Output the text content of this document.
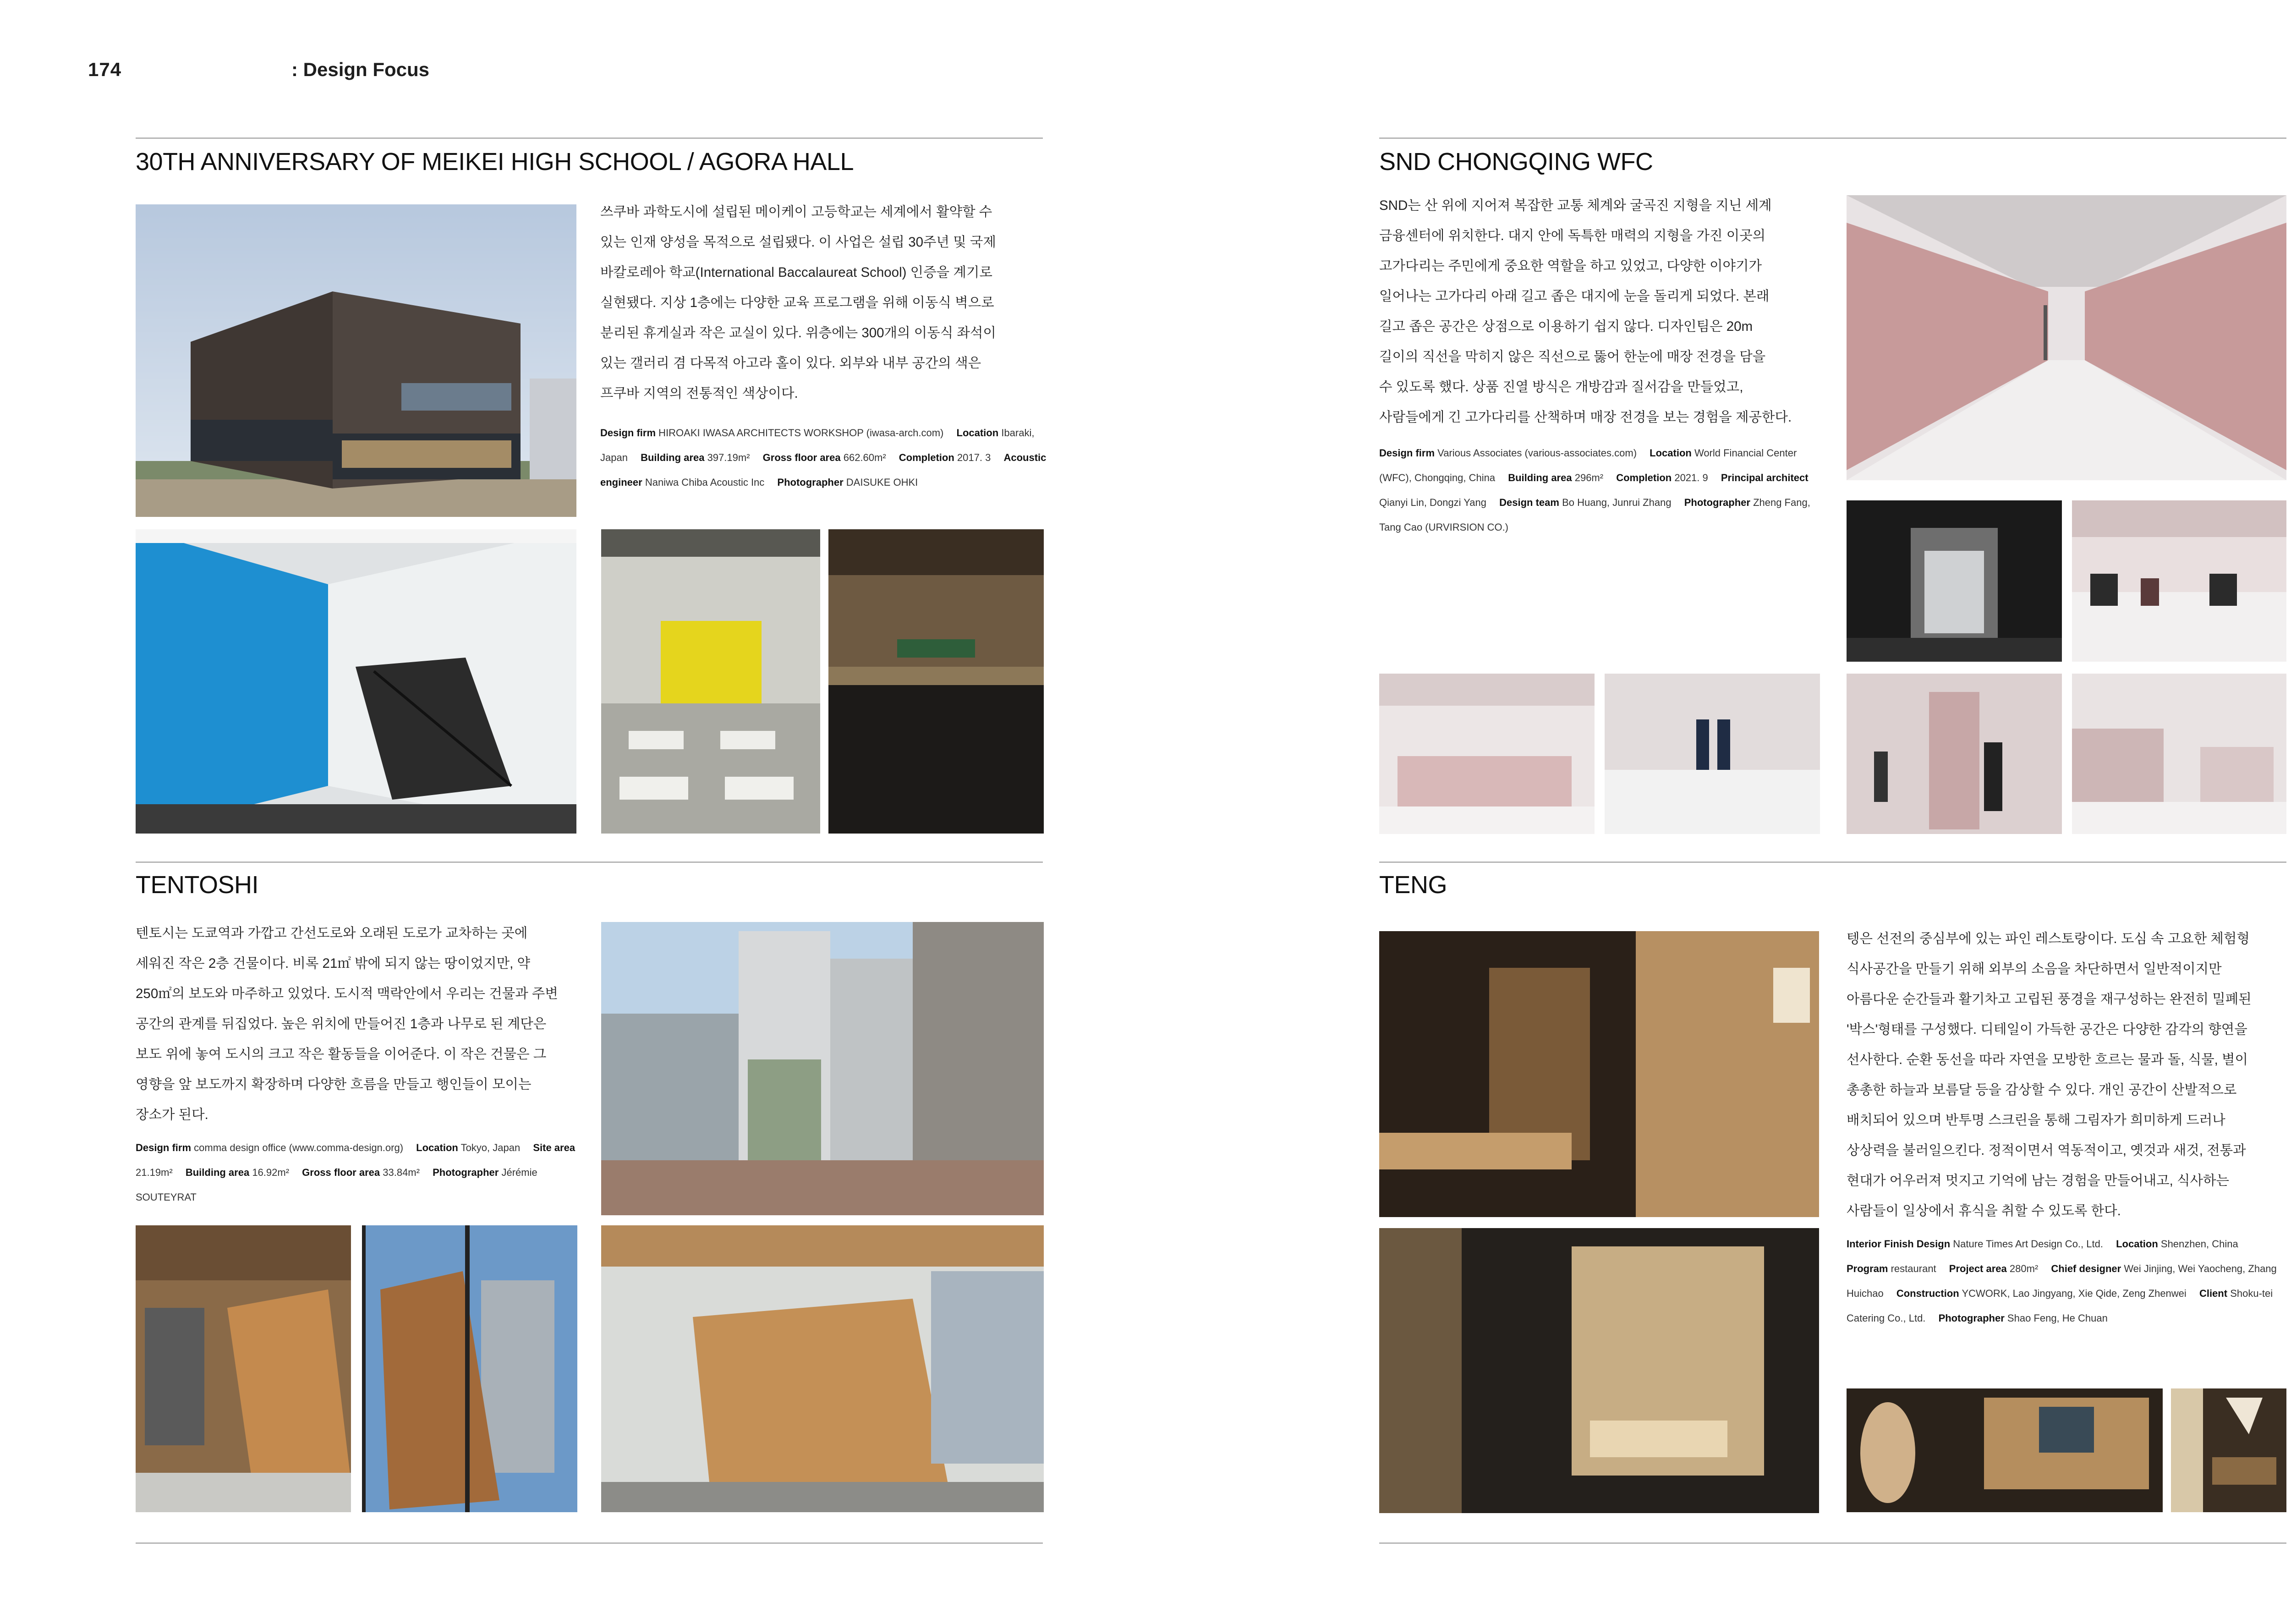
174	: Design Focus
30TH ANNIVERSARY OF MEIKEI HIGH SCHOOL / AGORA HALL
쓰쿠바 과학도시에 설립된 메이케이 고등학교는 세계에서 활약할 수
있는 인재 양성을 목적으로 설립됐다. 이 사업은 설립 30주년 및 국제
바칼로레아 학교(International Baccalaureat School) 인증을 계기로
실현됐다. 지상 1층에는 다양한 교육 프로그램을 위해 이동식 벽으로
분리된 휴게실과 작은 교실이 있다. 위층에는 300개의 이동식 좌석이
있는 갤러리 겸 다목적 아고라 홀이 있다. 외부와 내부 공간의 색은
프쿠바 지역의 전통적인 색상이다.
Design firm HIROAKI IWASA ARCHITECTS WORKSHOP (iwasa-arch.com) Location Ibaraki, Japan Building area 397.19m² Gross floor area 662.60m² Completion 2017. 3 Acoustic engineer Naniwa Chiba Acoustic Inc Photographer DAISUKE OHKI
SND CHONGQING WFC
SND는 산 위에 지어져 복잡한 교통 체계와 굴곡진 지형을 지닌 세계
금융센터에 위치한다. 대지 안에 독특한 매력의 지형을 가진 이곳의
고가다리는 주민에게 중요한 역할을 하고 있었고, 다양한 이야기가
일어나는 고가다리 아래 길고 좁은 대지에 눈을 돌리게 되었다. 본래
길고 좁은 공간은 상점으로 이용하기 쉽지 않다. 디자인팀은 20m
길이의 직선을 막히지 않은 직선으로 뚫어 한눈에 매장 전경을 담을
수 있도록 했다. 상품 진열 방식은 개방감과 질서감을 만들었고,
사람들에게 긴 고가다리를 산책하며 매장 전경을 보는 경험을 제공한다.
Design firm Various Associates (various-associates.com) Location World Financial Center (WFC), Chongqing, China Building area 296m² Completion 2021. 9 Principal architect Qianyi Lin, Dongzi Yang Design team Bo Huang, Junrui Zhang Photographer Zheng Fang, Tang Cao (URVIRSION CO.)
TENTOSHI
텐토시는 도쿄역과 가깝고 간선도로와 오래된 도로가 교차하는 곳에
세워진 작은 2층 건물이다. 비록 21㎡ 밖에 되지 않는 땅이었지만, 약
250㎡의 보도와 마주하고 있었다. 도시적 맥락안에서 우리는 건물과 주변
공간의 관계를 뒤집었다. 높은 위치에 만들어진 1층과 나무로 된 계단은
보도 위에 놓여 도시의 크고 작은 활동들을 이어준다. 이 작은 건물은 그
영향을 앞 보도까지 확장하며 다양한 흐름을 만들고 행인들이 모이는
장소가 된다.
Design firm comma design office (www.comma-design.org) Location Tokyo, Japan Site area 21.19m² Building area 16.92m² Gross floor area 33.84m² Photographer Jérémie SOUTEYRAT
TENG
텡은 선전의 중심부에 있는 파인 레스토랑이다. 도심 속 고요한 체험형
식사공간을 만들기 위해 외부의 소음을 차단하면서 일반적이지만
아름다운 순간들과 활기차고 고립된 풍경을 재구성하는 완전히 밀폐된
'박스'형태를 구성했다. 디테일이 가득한 공간은 다양한 감각의 향연을
선사한다. 순환 동선을 따라 자연을 모방한 흐르는 물과 돌, 식물, 별이
총총한 하늘과 보름달 등을 감상할 수 있다. 개인 공간이 산발적으로
배치되어 있으며 반투명 스크린을 통해 그림자가 희미하게 드러나
상상력을 불러일으킨다. 정적이면서 역동적이고, 옛것과 새것, 전통과
현대가 어우러져 멋지고 기억에 남는 경험을 만들어내고, 식사하는
사람들이 일상에서 휴식을 취할 수 있도록 한다.
Interior Finish Design Nature Times Art Design Co., Ltd. Location Shenzhen, China Program restaurant Project area 280m² Chief designer Wei Jinjing, Wei Yaocheng, Zhang Huichao Construction YCWORK, Lao Jingyang, Xie Qide, Zeng Zhenwei Client Shoku-tei Catering Co., Ltd. Photographer Shao Feng, He Chuan
